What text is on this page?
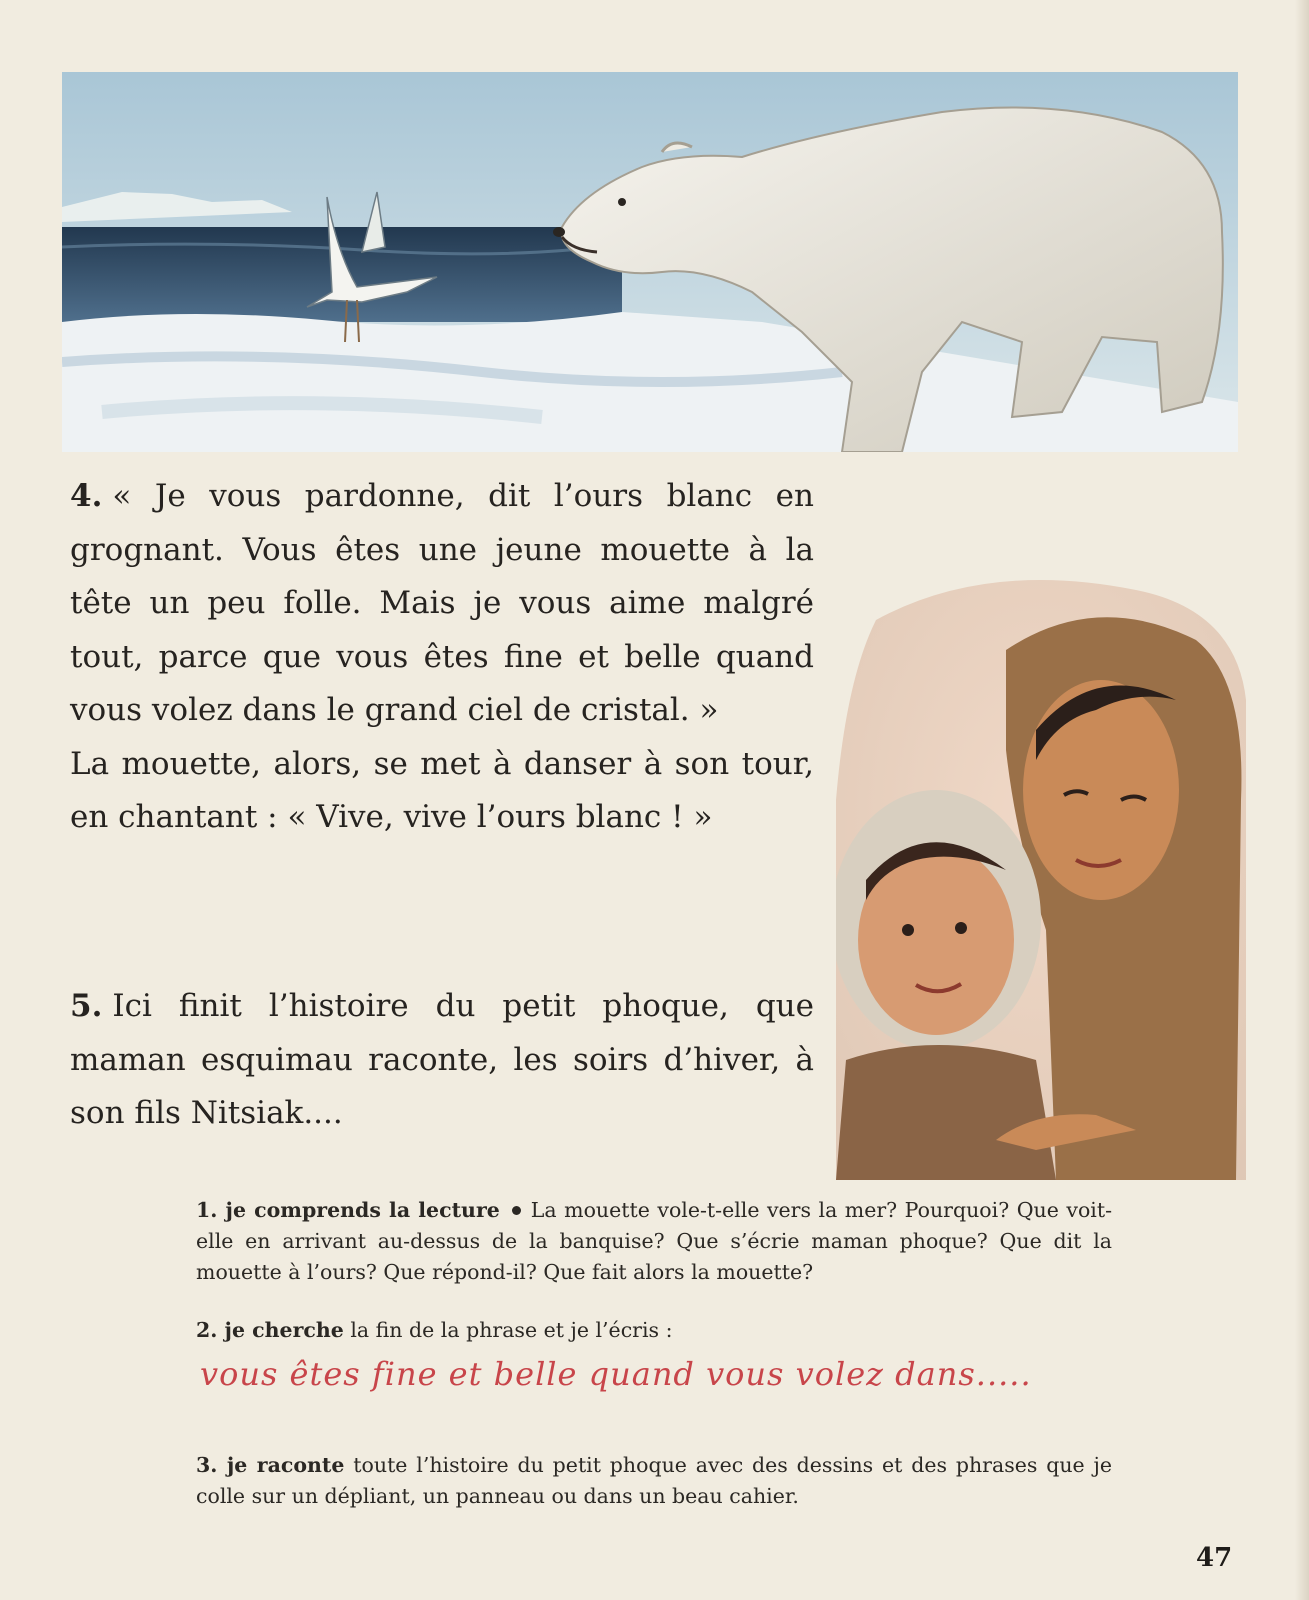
4. « Je vous pardonne, dit l’ours blanc en grognant. Vous êtes une jeune mouette à la tête un peu folle. Mais je vous aime malgré tout, parce que vous êtes fine et belle quand vous volez dans le grand ciel de cristal. »

La mouette, alors, se met à danser à son tour, en chantant : « Vive, vive l’ours blanc ! »

5. Ici finit l’histoire du petit phoque, que maman esquimau raconte, les soirs d’hiver, à son fils Nitsiak....

1. je comprends la lecture La mouette vole-t-elle vers la mer? Pourquoi? Que voit-elle en arrivant au-dessus de la banquise? Que s’écrie maman phoque? Que dit la mouette à l’ours? Que répond-il? Que fait alors la mouette?
2. je cherche la fin de la phrase et je l’écris :
vous êtes fine et belle quand vous volez dans.....
3. je raconte toute l’histoire du petit phoque avec des dessins et des phrases que je colle sur un dépliant, un panneau ou dans un beau cahier.
47
